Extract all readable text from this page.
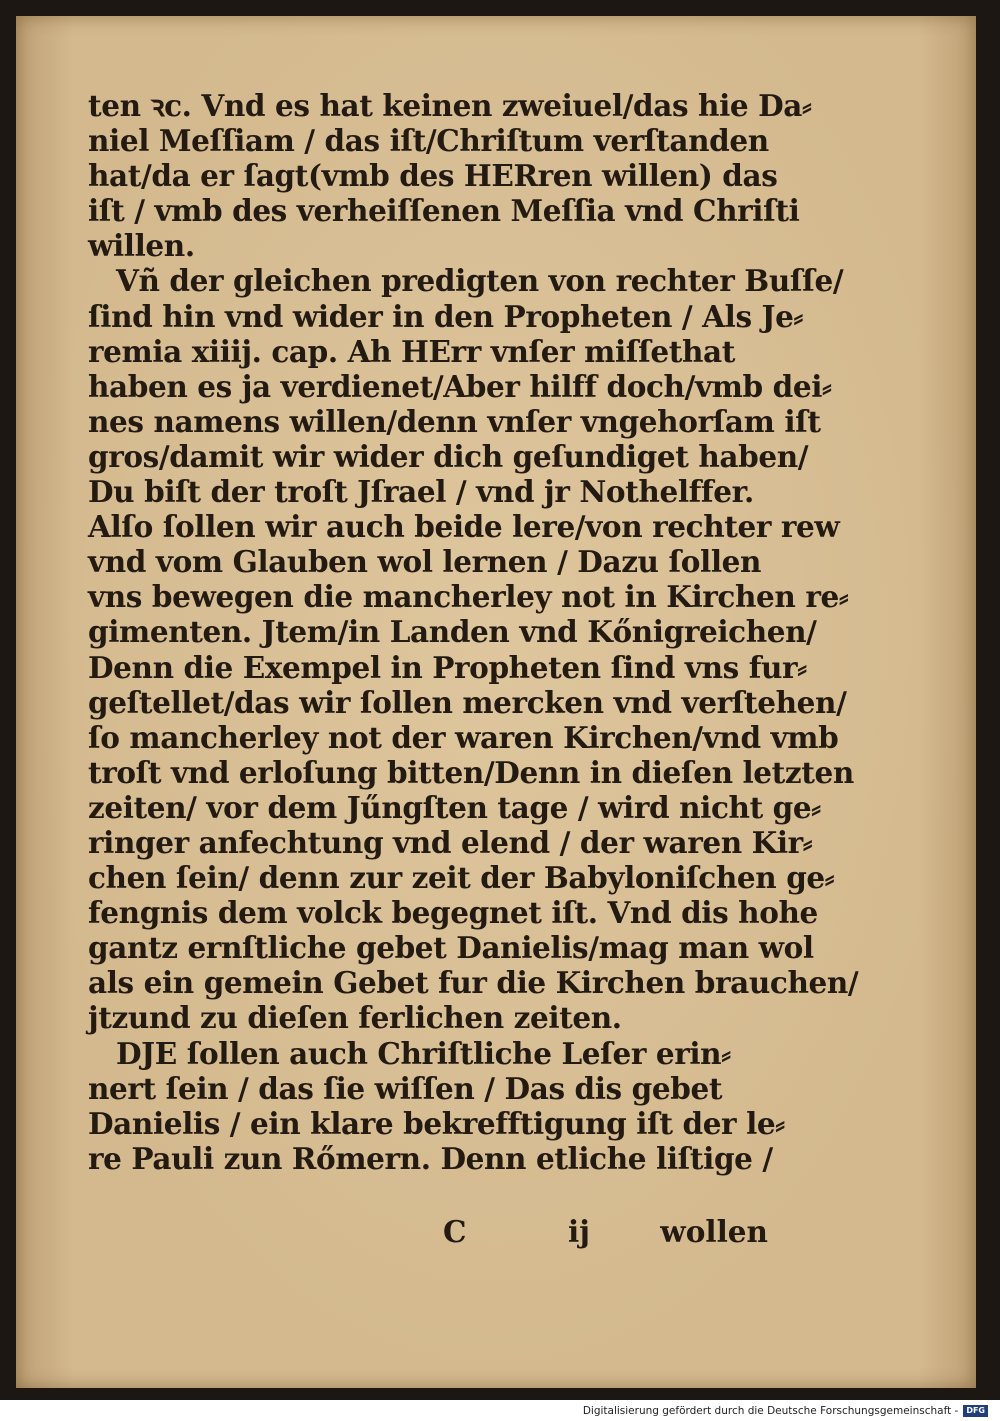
ten ꝛc. Vnd es hat keinen zweiuel/das hie Da⸗
niel Meſſiam / das iſt/Chriſtum verſtanden
hat/da er ſagt(vmb des HERren willen) das
iſt / vmb des verheiſſenen Meſſia vnd Chriſti
willen.
Vñ der gleichen predigten von rechter Buſſe/
ſind hin vnd wider in den Propheten / Als Je⸗
remia xiiij. cap. Ah HErr vnſer miſſethat
haben es ja verdienet/Aber hilff doch/vmb dei⸗
nes namens willen/denn vnſer vngehorſam iſt
gros/damit wir wider dich geſundiget haben/
Du biſt der troſt Jſrael / vnd jr Nothelffer.
Alſo ſollen wir auch beide lere/von rechter rew
vnd vom Glauben wol lernen / Dazu ſollen
vns bewegen die mancherley not in Kirchen re⸗
gimenten. Jtem/in Landen vnd Kőnigreichen/
Denn die Exempel in Propheten ſind vns fur⸗
geſtellet/das wir ſollen mercken vnd verſtehen/
ſo mancherley not der waren Kirchen/vnd vmb
troſt vnd erloſung bitten/Denn in dieſen letzten
zeiten/ vor dem Jűngſten tage / wird nicht ge⸗
ringer anfechtung vnd elend / der waren Kir⸗
chen ſein/ denn zur zeit der Babyloniſchen ge⸗
fengnis dem volck begegnet iſt. Vnd dis hohe
gantz ernſtliche gebet Danielis/mag man wol
als ein gemein Gebet fur die Kirchen brauchen/
jtzund zu dieſen ferlichen zeiten.
DJE ſollen auch Chriſtliche Leſer erin⸗
nert ſein / das ſie wiſſen / Das dis gebet
Danielis / ein klare bekrefftigung iſt der le⸗
re Pauli zun Rőmern. Denn etliche liſtige /
C	ij wollen
Digitalisierung gefördert durch die Deutsche Forschungsgemeinschaft -	DFG
